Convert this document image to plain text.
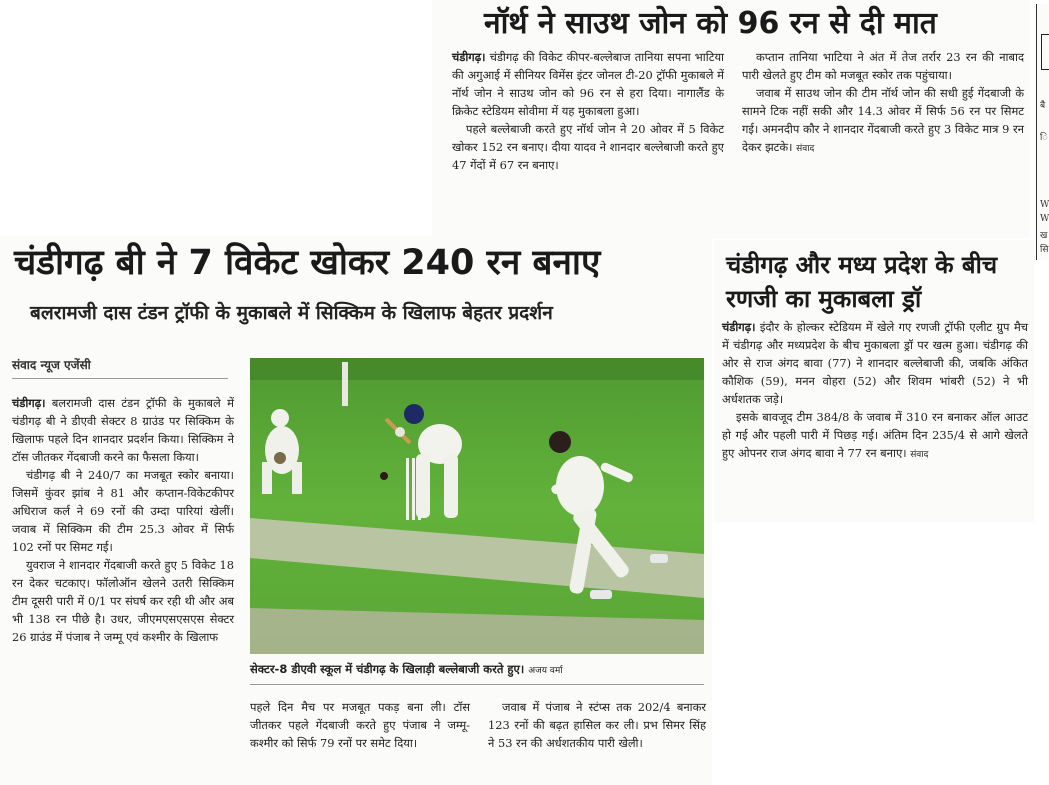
नॉर्थ ने साउथ जोन को 96 रन से दी मात

चंडीगढ़। चंडीगढ़ की विकेट कीपर-बल्लेबाज तानिया सपना भाटिया की अगुआई में सीनियर विमेंस इंटर जोनल टी-20 ट्रॉफी मुकाबले में नॉर्थ जोन ने साउथ जोन को 96 रन से हरा दिया। नागालैंड के क्रिकेट स्टेडियम सोवीमा में यह मुकाबला हुआ।

पहले बल्लेबाजी करते हुए नॉर्थ जोन ने 20 ओवर में 5 विकेट खोकर 152 रन बनाए। दीया यादव ने शानदार बल्लेबाजी करते हुए 47 गेंदों में 67 रन बनाए।

कप्तान तानिया भाटिया ने अंत में तेज तर्रार 23 रन की नाबाद पारी खेलते हुए टीम को मजबूत स्कोर तक पहुंचाया।

जवाब में साउथ जोन की टीम नॉर्थ जोन की सधी हुई गेंदबाजी के सामने टिक नहीं सकी और 14.3 ओवर में सिर्फ 56 रन पर सिमट गई। अमनदीप कौर ने शानदार गेंदबाजी करते हुए 3 विकेट मात्र 9 रन देकर झटके। संवाद

बै
ि
W
W
ख
सि
चंडीगढ़ और मध्य प्रदेश के बीच रणजी का मुकाबला ड्रॉ

चंडीगढ़। इंदौर के होल्कर स्टेडियम में खेले गए रणजी ट्रॉफी एलीट ग्रुप मैच में चंडीगढ़ और मध्यप्रदेश के बीच मुकाबला ड्रॉ पर खत्म हुआ। चंडीगढ़ की ओर से राज अंगद बावा (77) ने शानदार बल्लेबाजी की, जबकि अंकित कौशिक (59), मनन वोहरा (52) और शिवम भांबरी (52) ने भी अर्धशतक जड़े।

इसके बावजूद टीम 384/8 के जवाब में 310 रन बनाकर ऑल आउट हो गई और पहली पारी में पिछड़ गई। अंतिम दिन 235/4 से आगे खेलते हुए ओपनर राज अंगद बावा ने 77 रन बनाए। संवाद

चंडीगढ़ बी ने 7 विकेट खोकर 240 रन बनाए
बलरामजी दास टंडन ट्रॉफी के मुकाबले में सिक्किम के खिलाफ बेहतर प्रदर्शन
संवाद न्यूज एजेंसी

चंडीगढ़। बलरामजी दास टंडन ट्रॉफी के मुकाबले में चंडीगढ़ बी ने डीएवी सेक्टर 8 ग्राउंड पर सिक्किम के खिलाफ पहले दिन शानदार प्रदर्शन किया। सिक्किम ने टॉस जीतकर गेंदबाजी करने का फैसला किया।

चंडीगढ़ बी ने 240/7 का मजबूत स्कोर बनाया। जिसमें कुंवर झांब ने 81 और कप्तान-विकेटकीपर अधिराज कर्ल ने 69 रनों की उम्दा पारियां खेलीं। जवाब में सिक्किम की टीम 25.3 ओवर में सिर्फ 102 रनों पर सिमट गई।

युवराज ने शानदार गेंदबाजी करते हुए 5 विकेट 18 रन देकर चटकाए। फॉलोऑन खेलने उतरी सिक्किम टीम दूसरी पारी में 0/1 पर संघर्ष कर रही थी और अब भी 138 रन पीछे है। उधर, जीएमएसएसएस सेक्टर 26 ग्राउंड में पंजाब ने जम्मू एवं कश्मीर के खिलाफ

सेक्टर-8 डीएवी स्कूल में चंडीगढ़ के खिलाड़ी बल्लेबाजी करते हुए। अजय वर्मा

पहले दिन मैच पर मजबूत पकड़ बना ली। टॉस जीतकर पहले गेंदबाजी करते हुए पंजाब ने जम्मू-कश्मीर को सिर्फ 79 रनों पर समेट दिया।

जवाब में पंजाब ने स्टंप्स तक 202/4 बनाकर 123 रनों की बढ़त हासिल कर ली। प्रभ सिमर सिंह ने 53 रन की अर्धशतकीय पारी खेली।
